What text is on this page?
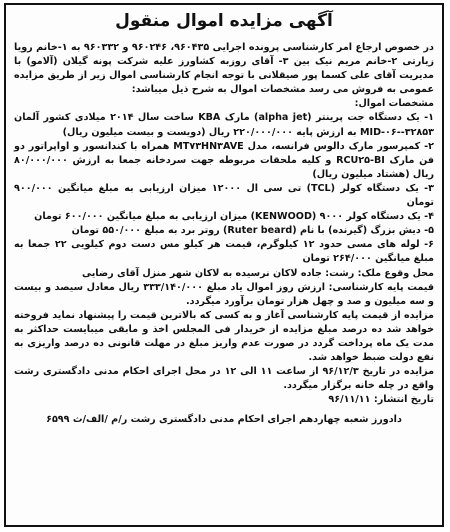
آگهی مزایده اموال منقول

در خصوص ارجاع امر کارشناسی پرونده اجرایی ۹۶۰۴۳۵، ۹۶۰۲۴۶ و ۹۶۰۳۳۲ به ۱-خانم رویا زیارتی ۲-خانم مریم نیک بین ۳- آقای روزبه کشاورز علیه شرکت پونه گیلان (آلامو) با مدیریت آقای علی کسما پور صیقلانی با توجه انجام کارشناسی اموال زیر از طریق مزایده عمومی به فروش می رسد مشخصات اموال به شرح ذیل میباشد:

مشخصات اموال:

۱- یک دستگاه جت پرینتر (alpha jet) مارک KBA ساخت سال ۲۰۱۴ میلادی کشور آلمان ۳۲۸۵۳--۰۶-MID به ارزش پایه ۲۲۰/۰۰۰/۰۰۰ ریال (دویست و بیست میلیون ریال)

۲- کمپرسور مارک دالوس فرانسه، مدل MT۷۳HN۳AVE همراه با کندانسور و اواپراتور دو فن مارک RCU۲۵-BI و کلیه ملحقات مربوطه جهت سردخانه جمعا به ارزش ۸۰/۰۰۰/۰۰۰ ریال (هشتاد میلیون ریال)

۳- یک دستگاه کولر (TCL) تی سی ال ۱۲۰۰۰ میزان ارزیابی به مبلغ میانگین ۹۰۰/۰۰۰ تومان

۴- یک دستگاه کولر ۹۰۰۰ (KENWOOD) میزان ارزیابی به مبلغ میانگین ۶۰۰/۰۰۰ تومان

۵- دیش بزرگ (گیرنده) با نام (Ruter beard) روتر برد به مبلغ ۵۵۰/۰۰۰ تومان

۶- لوله های مسی حدود ۱۲ کیلوگرم، قیمت هر کیلو مس دست دوم کیلویی ۲۲ جمعا به مبلغ میانگین ۲۶۴/۰۰۰ تومان

محل وقوع ملک: رشت: جاده لاکان نرسیده به لاکان شهر منزل آقای رضایی

قیمت پایه کارشناسی: ارزش روز اموال یاد مبلغ ۳۳۳/۱۴۰/۰۰۰ ریال معادل سیصد و بیست و سه میلیون و صد و چهل هزار تومان برآورد میگردد.

مزایده از قیمت پایه کارشناسی آغاز و به کسی که بالاترین قیمت را پیشنهاد نماید فروخته خواهد شد ده درصد مبلغ مزایده از خریدار فی المجلس اخذ و مابقی میبایست حداکثر به مدت یک ماه پرداخت گردد در صورت عدم واریز مبلغ در مهلت قانونی ده درصد واریزی به نفع دولت ضبط خواهد شد.

مزایده در تاریخ ۹۶/۱۲/۳ از ساعت ۱۱ الی ۱۲ در محل اجرای احکام مدنی دادگستری رشت واقع در چله خانه برگزار میگردد.

تاریخ انتشار: ۹۶/۱۱/۱۱

دادورز شعبه چهاردهم اجرای احکام مدنی دادگستری رشت ر/م /الف/ث ۶۵۹۹
